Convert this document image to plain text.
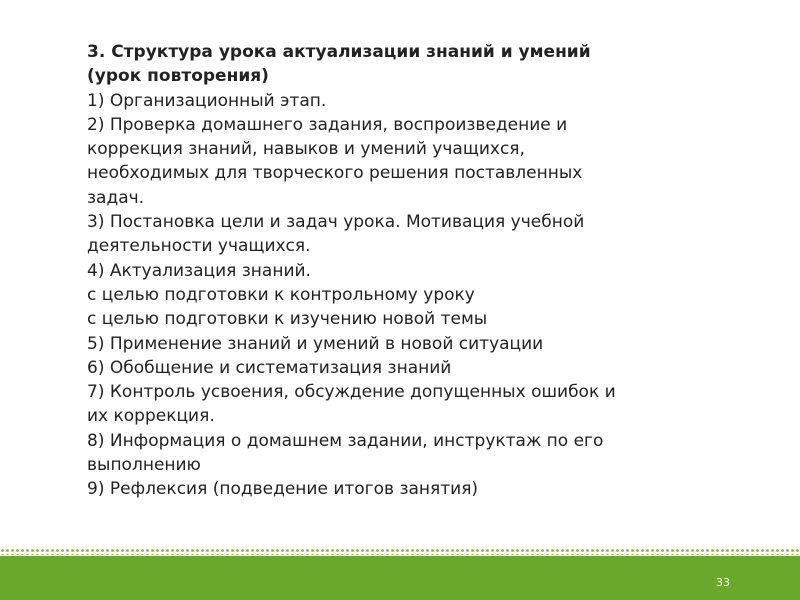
3. Структура урока актуализации знаний и умений

(урок повторения)

1) Организационный этап.

2) Проверка домашнего задания, воспроизведение и

коррекция знаний, навыков и умений учащихся,

необходимых для творческого решения поставленных

задач.

3) Постановка цели и задач урока. Мотивация учебной

деятельности учащихся.

4) Актуализация знаний.

с целью подготовки к контрольному уроку

с целью подготовки к изучению новой темы

5) Применение знаний и умений в новой ситуации

6) Обобщение и систематизация знаний

7) Контроль усвоения, обсуждение допущенных ошибок и

их коррекция.

8) Информация о домашнем задании, инструктаж по его

выполнению

9) Рефлексия (подведение итогов занятия)

33
